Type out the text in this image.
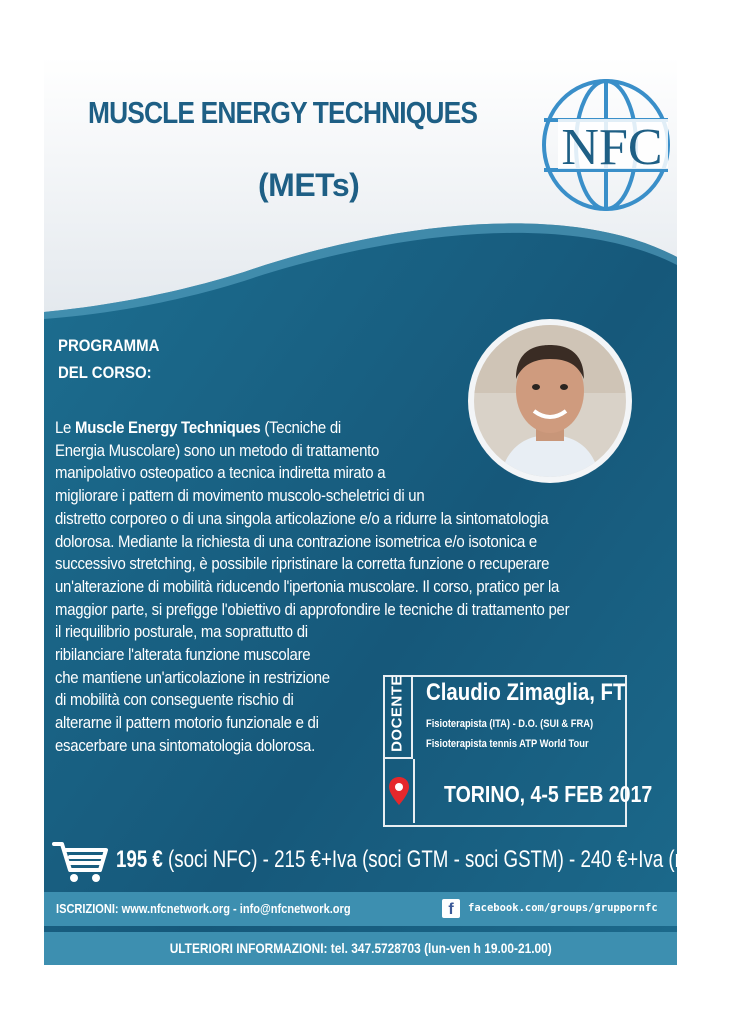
MUSCLE ENERGY TECHNIQUES
(METs)
NFC
PROGRAMMA
DEL CORSO:
Le Muscle Energy Techniques (Tecniche di
Energia Muscolare) sono un metodo di trattamento
manipolativo osteopatico a tecnica indiretta mirato a
migliorare i pattern di movimento muscolo-scheletrici di un
distretto corporeo o di una singola articolazione e/o a ridurre la sintomatologia
dolorosa. Mediante la richiesta di una contrazione isometrica e/o isotonica e
successivo stretching, è possibile ripristinare la corretta funzione o recuperare
un'alterazione di mobilità riducendo l'ipertonia muscolare. Il corso, pratico per la
maggior parte, si prefigge l'obiettivo di approfondire le tecniche di trattamento per
il riequilibrio posturale, ma soprattutto di
ribilanciare l'alterata funzione muscolare
che mantiene un'articolazione in restrizione
di mobilità con conseguente rischio di
alterarne il pattern motorio funzionale e di
esacerbare una sintomatologia dolorosa.	DOCENTE Claudio Zimaglia, FT
Fisioterapista (ITA) - D.O. (SUI & FRA)
Fisioterapista tennis ATP World Tour
TORINO, 4-5 FEB 2017
195 € (soci NFC) - 215 €+Iva (soci GTM - soci GSTM) - 240 €+Iva (non soci)
ISCRIZIONI: www.nfcnetwork.org - info@nfcnetwork.org	f	facebook.com/groups/gruppornfc
ULTERIORI INFORMAZIONI: tel. 347.5728703 (lun-ven h 19.00-21.00)
